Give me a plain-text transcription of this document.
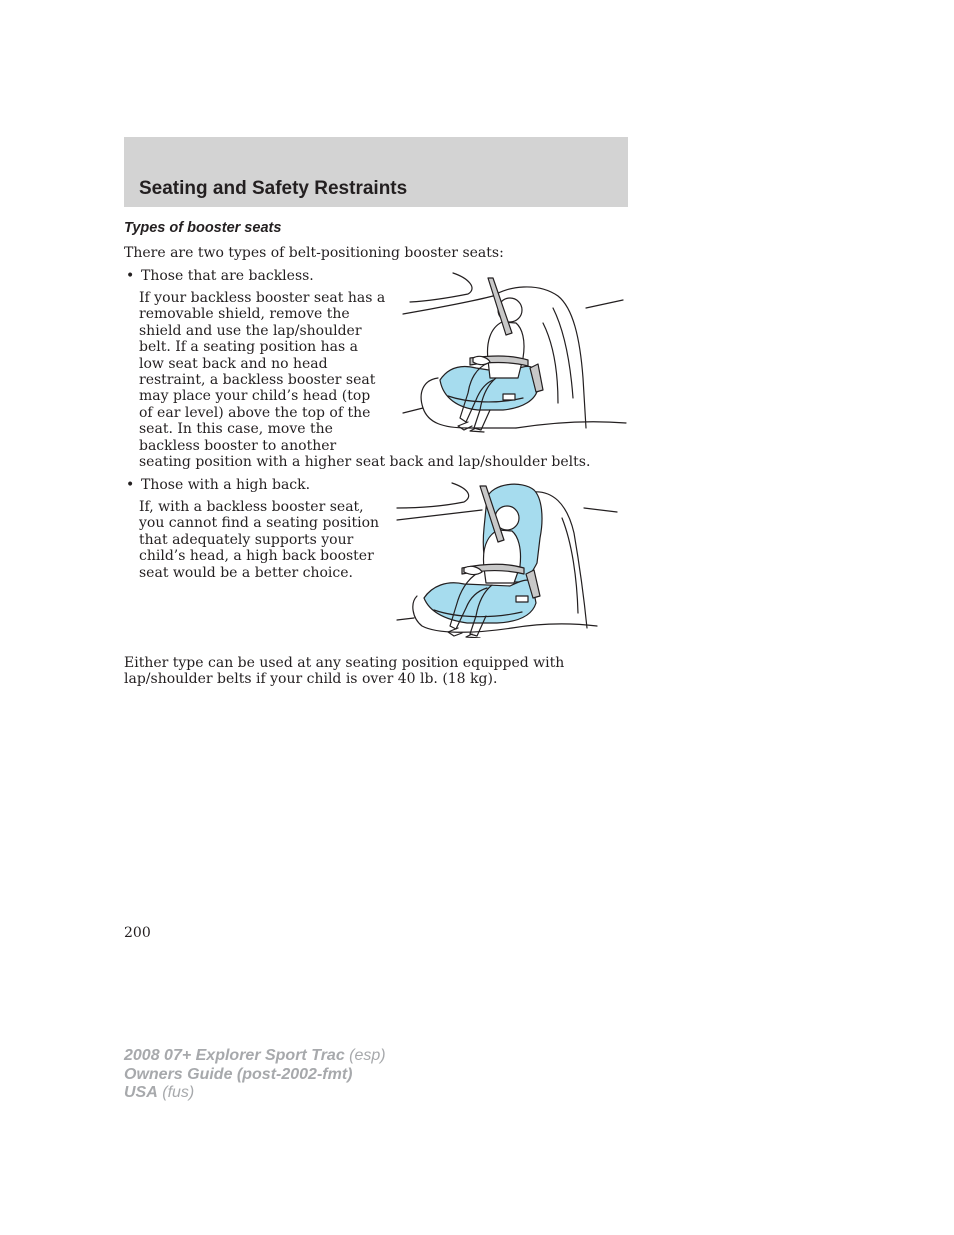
Seating and Safety Restraints
Types of booster seats

There are two types of belt-positioning booster seats:

• Those that are backless.

If your backless booster seat has a
removable shield, remove the
shield and use the lap/shoulder
belt. If a seating position has a
low seat back and no head
restraint, a backless booster seat
may place your child’s head (top
of ear level) above the top of the
seat. In this case, move the
backless booster to another
seating position with a higher seat back and lap/shoulder belts.
• Those with a high back.

If, with a backless booster seat,
you cannot find a seating position
that adequately supports your
child’s head, a high back booster
seat would be a better choice.
Either type can be used at any seating position equipped with
lap/shoulder belts if your child is over 40 lb. (18 kg).
200
2008 07+ Explorer Sport Trac (esp)
Owners Guide (post-2002-fmt)
USA (fus)
